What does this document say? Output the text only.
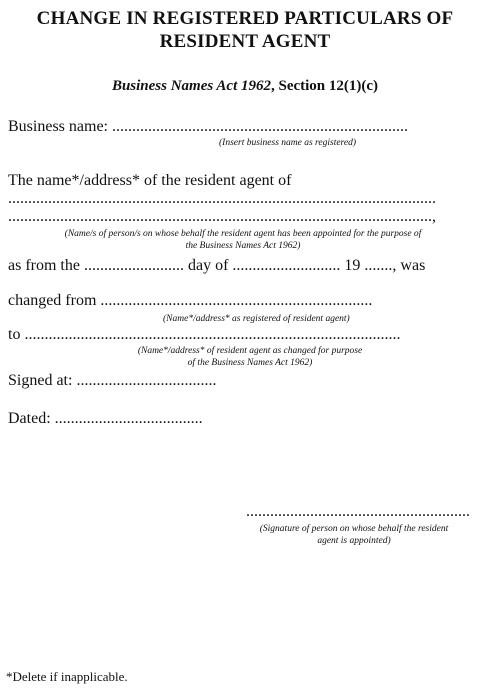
CHANGE IN REGISTERED PARTICULARS OF
RESIDENT AGENT
Business Names Act 1962, Section 12(1)(c)
Business name: ..........................................................................
(Insert business name as registered)
The name*/address* of the resident agent of
...........................................................................................................
..........................................................................................................,
(Name/s of person/s on whose behalf the resident agent has been appointed for the purpose of
the Business Names Act 1962)
as from the ......................... day of ........................... 19 ......., was
changed from ....................................................................
(Name*/address* as registered of resident agent)
to ..............................................................................................
(Name*/address* of resident agent as changed for purpose
of the Business Names Act 1962)
Signed at: ...................................
Dated: .....................................
........................................................
(Signature of person on whose behalf the resident
agent is appointed)
*Delete if inapplicable.
